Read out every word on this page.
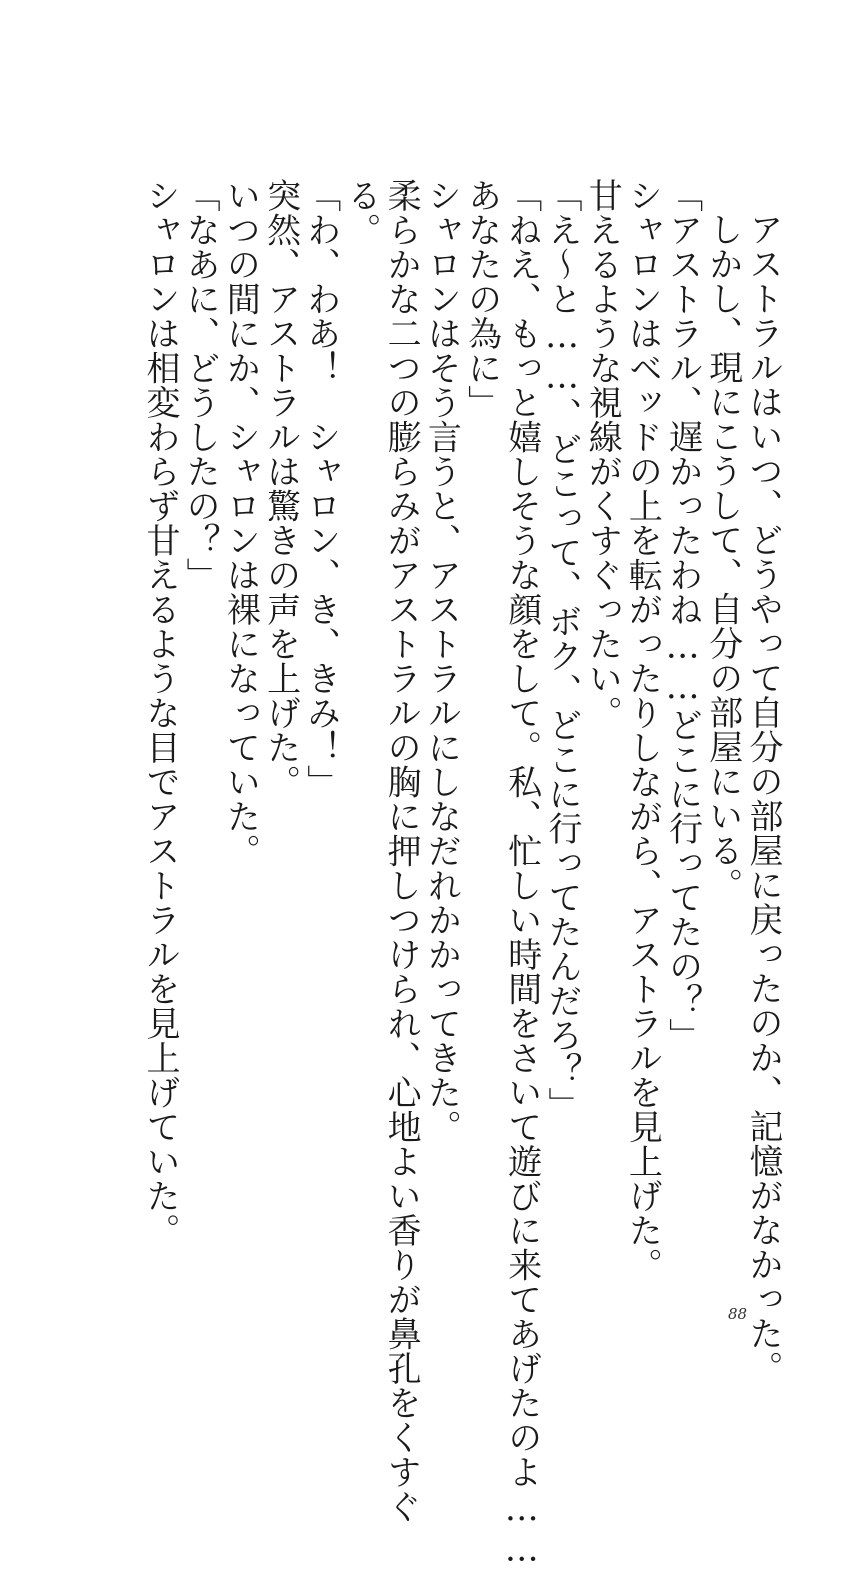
アストラルはいつ、どうやって自分の部屋に戻ったのか、記憶がなかった。
しかし、現にこうして、自分の部屋にいる。
「アストラル、遅かったわね……どこに行ってたの？」
シャロンはベッドの上を転がったりしながら、アストラルを見上げた。
甘えるような視線がくすぐったい。
「え〜と……、どこって、ボク、どこに行ってたんだろ？」
「ねえ、もっと嬉しそうな顔をして。私、忙しい時間をさいて遊びに来てあげたのよ……
あなたの為に」
シャロンはそう言うと、アストラルにしなだれかかってきた。
柔らかな二つの膨らみがアストラルの胸に押しつけられ、心地よい香りが鼻孔をくすぐ
る。
「わ、わあ！　シャロン、き、きみ！」
突然、アストラルは驚きの声を上げた。
いつの間にか、シャロンは裸になっていた。
「なあに、どうしたの？」
シャロンは相変わらず甘えるような目でアストラルを見上げていた。
88
